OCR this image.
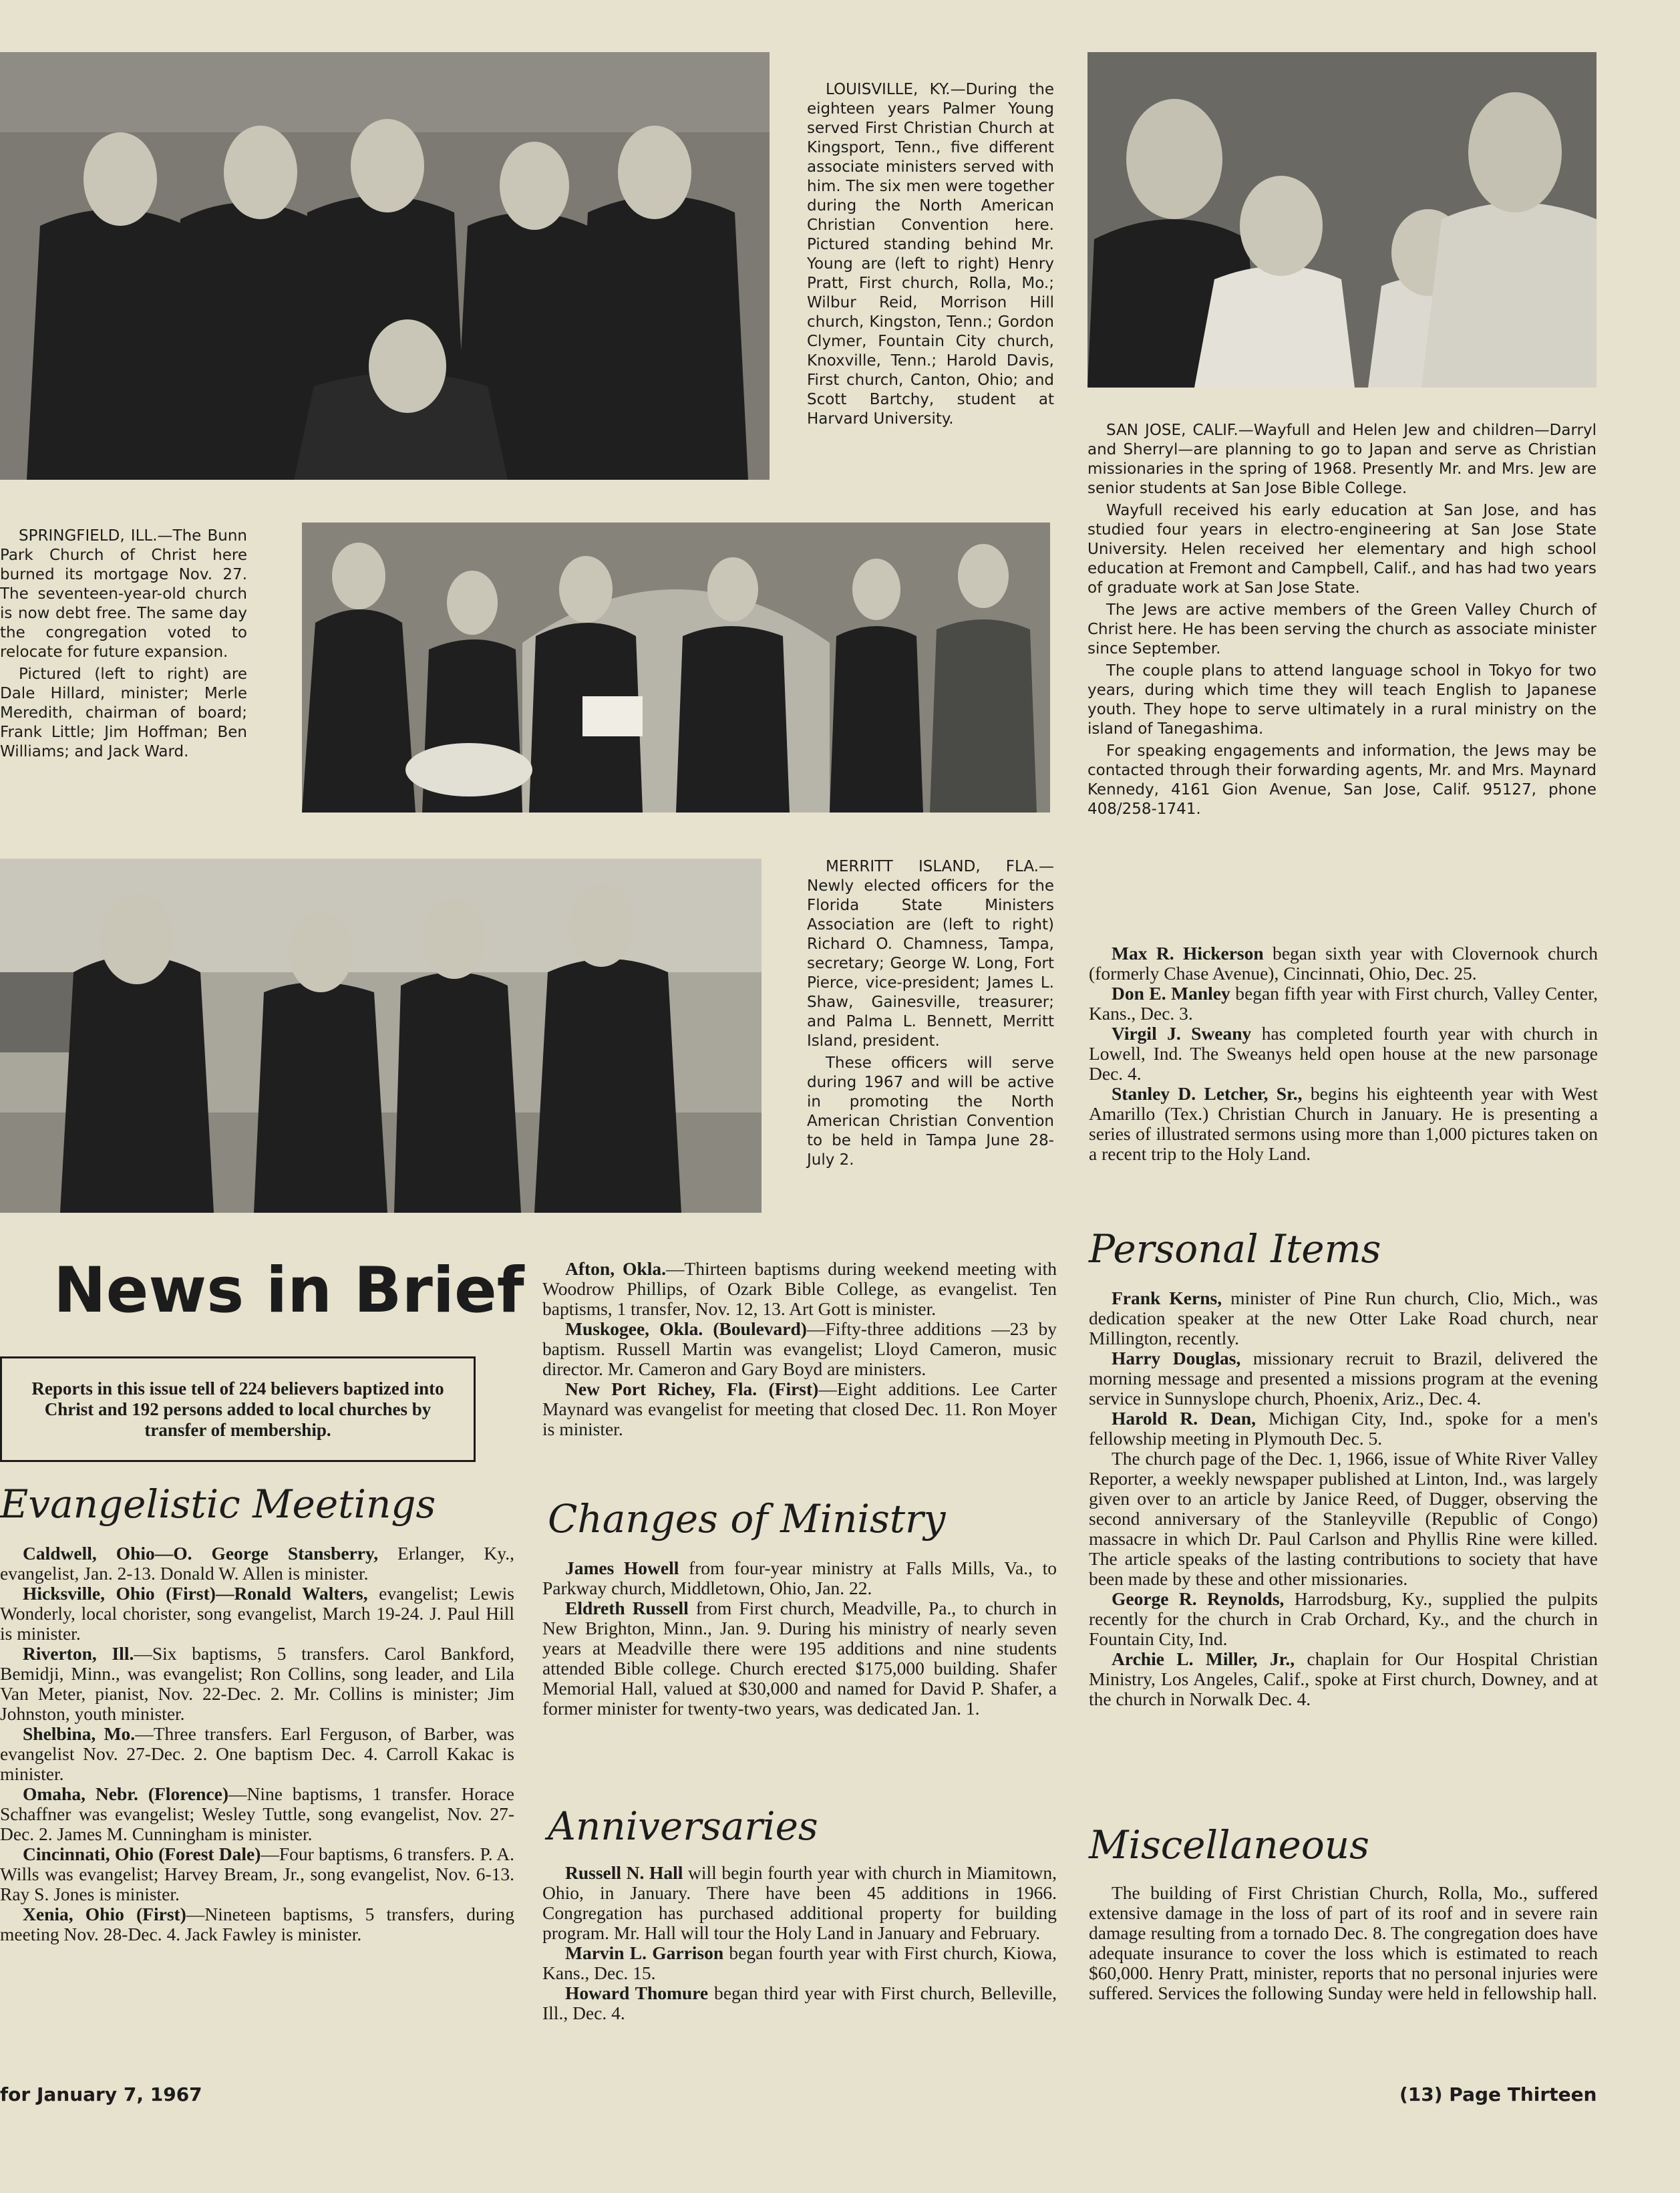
LOUISVILLE, KY.—During the eighteen years Palmer Young served First Christian Church at Kingsport, Tenn., five different associate ministers served with him. The six men were together during the North American Christian Convention here. Pictured standing behind Mr. Young are (left to right) Henry Pratt, First church, Rolla, Mo.; Wilbur Reid, Morrison Hill church, Kingston, Tenn.; Gordon Clymer, Fountain City church, Knoxville, Tenn.; Harold Davis, First church, Canton, Ohio; and Scott Bartchy, student at Harvard University.

SPRINGFIELD, ILL.—The Bunn Park Church of Christ here burned its mortgage Nov. 27. The seventeen-year-old church is now debt free. The same day the congregation voted to relocate for future expansion.

Pictured (left to right) are Dale Hillard, minister; Merle Meredith, chairman of board; Frank Little; Jim Hoffman; Ben Williams; and Jack Ward.

MERRITT ISLAND, FLA.—Newly elected officers for the Florida State Ministers Association are (left to right) Richard O. Chamness, Tampa, secretary; George W. Long, Fort Pierce, vice-president; James L. Shaw, Gainesville, treasurer; and Palma L. Bennett, Merritt Island, president.

These officers will serve during 1967 and will be active in promoting the North American Christian Convention to be held in Tampa June 28-July 2.

SAN JOSE, CALIF.—Wayfull and Helen Jew and children—Darryl and Sherryl—are planning to go to Japan and serve as Christian missionaries in the spring of 1968. Presently Mr. and Mrs. Jew are senior students at San Jose Bible College.

Wayfull received his early education at San Jose, and has studied four years in electro-engineering at San Jose State University. Helen received her elementary and high school education at Fremont and Campbell, Calif., and has had two years of graduate work at San Jose State.

The Jews are active members of the Green Valley Church of Christ here. He has been serving the church as associate minister since September.

The couple plans to attend language school in Tokyo for two years, during which time they will teach English to Japanese youth. They hope to serve ultimately in a rural ministry on the island of Tanegashima.

For speaking engagements and information, the Jews may be contacted through their forwarding agents, Mr. and Mrs. Maynard Kennedy, 4161 Gion Avenue, San Jose, Calif. 95127, phone 408/258-1741.

News in Brief
Reports in this issue tell of 224 believers baptized into Christ and 192 persons added to local churches by transfer of membership.
Evangelistic Meetings

Caldwell, Ohio—O. George Stansberry, Erlanger, Ky., evangelist, Jan. 2-13. Donald W. Allen is minister.

Hicksville, Ohio (First)—Ronald Walters, evangelist; Lewis Wonderly, local chorister, song evangelist, March 19-24. J. Paul Hill is minister.

Riverton, Ill.—Six baptisms, 5 transfers. Carol Bankford, Bemidji, Minn., was evangelist; Ron Collins, song leader, and Lila Van Meter, pianist, Nov. 22-Dec. 2. Mr. Collins is minister; Jim Johnston, youth minister.

Shelbina, Mo.—Three transfers. Earl Ferguson, of Barber, was evangelist Nov. 27-Dec. 2. One baptism Dec. 4. Carroll Kakac is minister.

Omaha, Nebr. (Florence)—Nine baptisms, 1 transfer. Horace Schaffner was evangelist; Wesley Tuttle, song evangelist, Nov. 27-Dec. 2. James M. Cunningham is minister.

Cincinnati, Ohio (Forest Dale)—Four baptisms, 6 transfers. P. A. Wills was evangelist; Harvey Bream, Jr., song evangelist, Nov. 6-13. Ray S. Jones is minister.

Xenia, Ohio (First)—Nineteen baptisms, 5 transfers, during meeting Nov. 28-Dec. 4. Jack Fawley is minister.

Afton, Okla.—Thirteen baptisms during weekend meeting with Woodrow Phillips, of Ozark Bible College, as evangelist. Ten baptisms, 1 transfer, Nov. 12, 13. Art Gott is minister.

Muskogee, Okla. (Boulevard)—Fifty-three additions —23 by baptism. Russell Martin was evangelist; Lloyd Cameron, music director. Mr. Cameron and Gary Boyd are ministers.

New Port Richey, Fla. (First)—Eight additions. Lee Carter Maynard was evangelist for meeting that closed Dec. 11. Ron Moyer is minister.

Changes of Ministry

James Howell from four-year ministry at Falls Mills, Va., to Parkway church, Middletown, Ohio, Jan. 22.

Eldreth Russell from First church, Meadville, Pa., to church in New Brighton, Minn., Jan. 9. During his ministry of nearly seven years at Meadville there were 195 additions and nine students attended Bible college. Church erected $175,000 building. Shafer Memorial Hall, valued at $30,000 and named for David P. Shafer, a former minister for twenty-two years, was dedicated Jan. 1.

Anniversaries

Russell N. Hall will begin fourth year with church in Miamitown, Ohio, in January. There have been 45 additions in 1966. Congregation has purchased additional property for building program. Mr. Hall will tour the Holy Land in January and February.

Marvin L. Garrison began fourth year with First church, Kiowa, Kans., Dec. 15.

Howard Thomure began third year with First church, Belleville, Ill., Dec. 4.

Max R. Hickerson began sixth year with Clovernook church (formerly Chase Avenue), Cincinnati, Ohio, Dec. 25.

Don E. Manley began fifth year with First church, Valley Center, Kans., Dec. 3.

Virgil J. Sweany has completed fourth year with church in Lowell, Ind. The Sweanys held open house at the new parsonage Dec. 4.

Stanley D. Letcher, Sr., begins his eighteenth year with West Amarillo (Tex.) Christian Church in January. He is presenting a series of illustrated sermons using more than 1,000 pictures taken on a recent trip to the Holy Land.

Personal Items

Frank Kerns, minister of Pine Run church, Clio, Mich., was dedication speaker at the new Otter Lake Road church, near Millington, recently.

Harry Douglas, missionary recruit to Brazil, delivered the morning message and presented a missions program at the evening service in Sunnyslope church, Phoenix, Ariz., Dec. 4.

Harold R. Dean, Michigan City, Ind., spoke for a men's fellowship meeting in Plymouth Dec. 5.

The church page of the Dec. 1, 1966, issue of White River Valley Reporter, a weekly newspaper published at Linton, Ind., was largely given over to an article by Janice Reed, of Dugger, observing the second anniversary of the Stanleyville (Republic of Congo) massacre in which Dr. Paul Carlson and Phyllis Rine were killed. The article speaks of the lasting contributions to society that have been made by these and other missionaries.

George R. Reynolds, Harrodsburg, Ky., supplied the pulpits recently for the church in Crab Orchard, Ky., and the church in Fountain City, Ind.

Archie L. Miller, Jr., chaplain for Our Hospital Christian Ministry, Los Angeles, Calif., spoke at First church, Downey, and at the church in Norwalk Dec. 4.

Miscellaneous

The building of First Christian Church, Rolla, Mo., suffered extensive damage in the loss of part of its roof and in severe rain damage resulting from a tornado Dec. 8. The congregation does have adequate insurance to cover the loss which is estimated to reach $60,000. Henry Pratt, minister, reports that no personal injuries were suffered. Services the following Sunday were held in fellowship hall.

for January 7, 1967	(13) Page Thirteen
